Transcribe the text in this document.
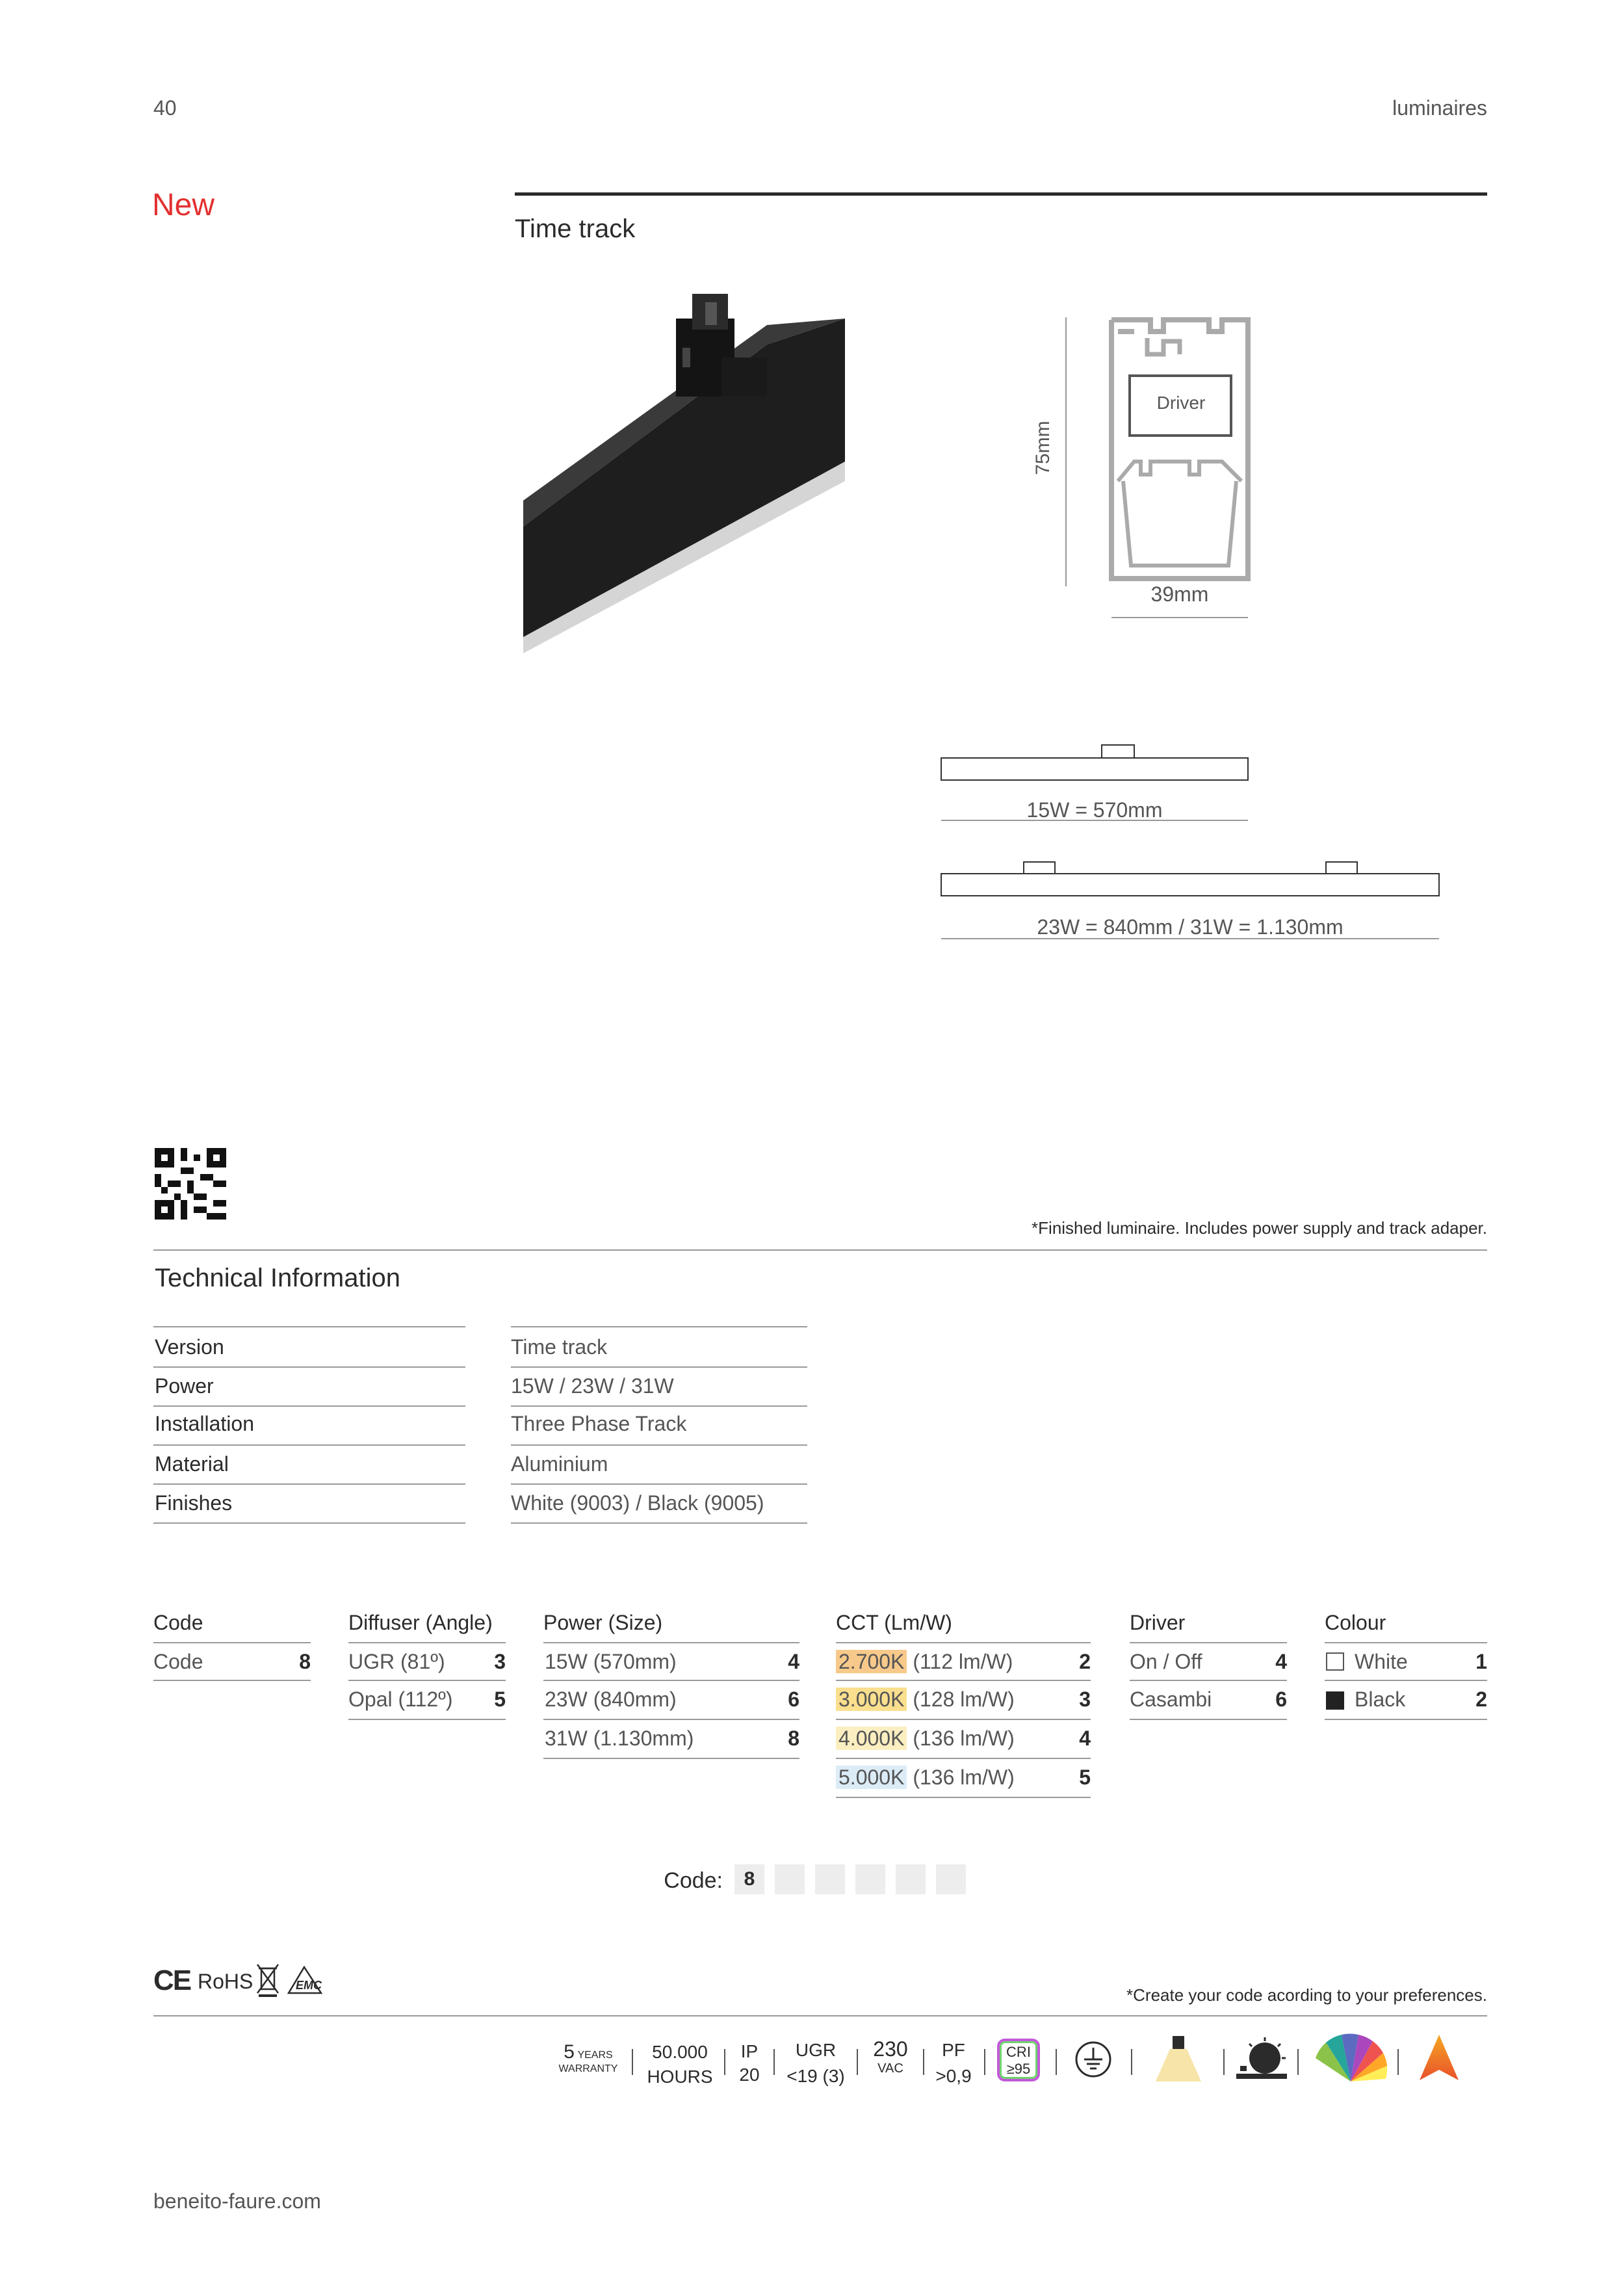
40	luminaires
New
Time track
Driver
75mm
39mm
15W = 570mm
23W = 840mm / 31W = 1.130mm
*Finished luminaire. Includes power supply and track adaper.
Technical Information
Version	Time track
Power	15W / 23W / 31W
Installation	Three Phase Track
Material	Aluminium
Finishes	White (9003) / Black (9005)
Code
Code	8
Diffuser (Angle)
UGR (81º)	3
Opal (112º)	5
Power (Size)
15W (570mm)	4
23W (840mm)	6
31W (1.130mm)	8
CCT (Lm/W)
2.700K (112 lm/W)	2
3.000K (128 lm/W)	3
4.000K (136 lm/W)	4
5.000K (136 lm/W)	5
Driver
On / Off	4
Casambi	6
Colour
White	1
Black	2
Code:	8
CE RoHS	EMC	*Create your code acording to your preferences.
5 YEARS
WARRANTY
50.000
HOURS
IP
20
UGR
<19 (3)
230
VAC
PF
>0,9
CRI
≥95
beneito-faure.com
